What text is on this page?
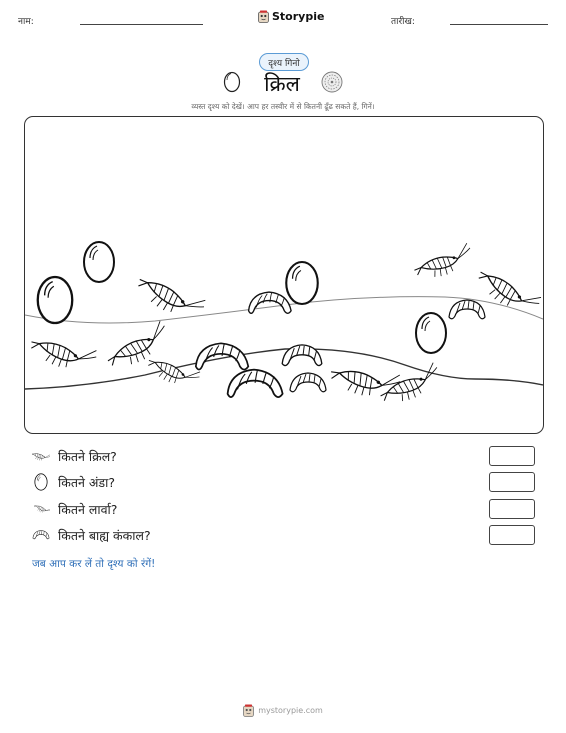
नाम:	Storypie	तारीख:
दृश्य गिनो
क्रिल
व्यस्त दृश्य को देखें। आप हर तस्वीर में से कितनी ढूँढ सकते हैं, गिनें।
कितने क्रिल?
कितने अंडा?
कितने लार्वा?
कितने बाह्य कंकाल?
जब आप कर लें तो दृश्य को रंगें!
mystorypie.com
